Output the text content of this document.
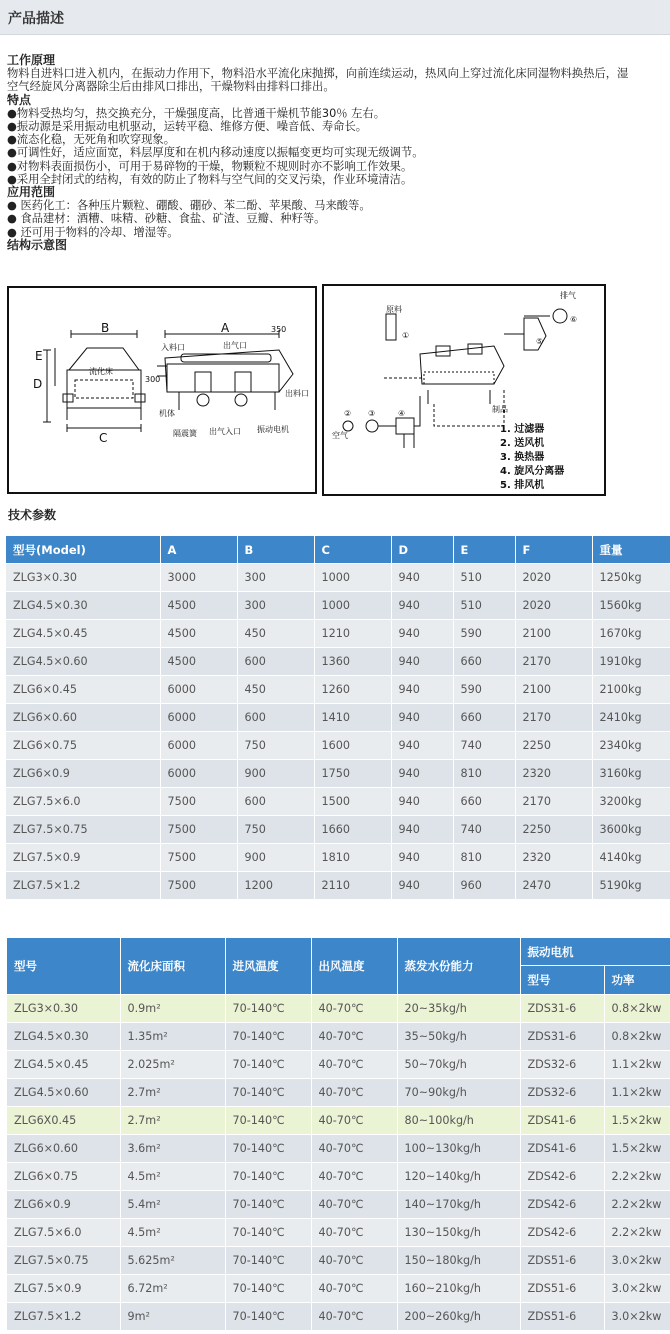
产品描述
工作原理
物料自进料口进入机内，在振动力作用下，物料沿水平流化床抛掷，向前连续运动，热风向上穿过流化床同湿物料换热后，湿
空气经旋风分离器除尘后由排风口排出，干燥物料由排料口排出。
特点
●物料受热均匀，热交换充分，干燥强度高，比普通干燥机节能30％ 左右。
●振动源是采用振动电机驱动，运转平稳、维修方便、噪音低、寿命长。
●流态化稳，无死角和吹穿现象。
●可调性好，适应面宽，料层厚度和在机内移动速度以振幅变更均可实现无级调节。
●对物料表面损伤小，可用于易碎物的干燥，物颗粒不规则时亦不影响工作效果。
●采用全封闭式的结构，有效的防止了物料与空气间的交叉污染，作业环境清洁。
应用范围
● 医药化工：各种压片颗粒、硼酸、硼砂、苯二酚、苹果酸、马来酸等。
● 食品建材：酒糟、味精、砂糖、食盐、矿渣、豆瓣、种籽等。
● 还可用于物料的冷却、增湿等。
结构示意图
B	A	350
D
E
C
流化床
入料口	出气口
300
出料口
机体
隔震簧 出气入口 振动电机
排气
⑥
⑤
原料
①
制品
② ③
空气
④
1. 过滤器
2. 送风机
3. 换热器
4. 旋风分离器
5. 排风机
技术参数
型号(Model)	A	B	C	D	E	F	重量
ZLG3×0.30	3000	300	1000	940	510	2020	1250kg
ZLG4.5×0.30	4500	300	1000	940	510	2020	1560kg
ZLG4.5×0.45	4500	450	1210	940	590	2100	1670kg
ZLG4.5×0.60	4500	600	1360	940	660	2170	1910kg
ZLG6×0.45	6000	450	1260	940	590	2100	2100kg
ZLG6×0.60	6000	600	1410	940	660	2170	2410kg
ZLG6×0.75	6000	750	1600	940	740	2250	2340kg
ZLG6×0.9	6000	900	1750	940	810	2320	3160kg
ZLG7.5×6.0	7500	600	1500	940	660	2170	3200kg
ZLG7.5×0.75	7500	750	1660	940	740	2250	3600kg
ZLG7.5×0.9	7500	900	1810	940	810	2320	4140kg
ZLG7.5×1.2	7500	1200	2110	940	960	2470	5190kg
型号	流化床面积	进风温度	出风温度	蒸发水份能力	振动电机	
					型号	功率
ZLG3×0.30	0.9m²	70-140℃	40-70℃	20~35kg/h	ZDS31-6	0.8×2kw
ZLG4.5×0.30	1.35m²	70-140℃	40-70℃	35~50kg/h	ZDS31-6	0.8×2kw
ZLG4.5×0.45	2.025m²	70-140℃	40-70℃	50~70kg/h	ZDS32-6	1.1×2kw
ZLG4.5×0.60	2.7m²	70-140℃	40-70℃	70~90kg/h	ZDS32-6	1.1×2kw
ZLG6X0.45	2.7m²	70-140℃	40-70℃	80~100kg/h	ZDS41-6	1.5×2kw
ZLG6×0.60	3.6m²	70-140℃	40-70℃	100~130kg/h	ZDS41-6	1.5×2kw
ZLG6×0.75	4.5m²	70-140℃	40-70℃	120~140kg/h	ZDS42-6	2.2×2kw
ZLG6×0.9	5.4m²	70-140℃	40-70℃	140~170kg/h	ZDS42-6	2.2×2kw
ZLG7.5×6.0	4.5m²	70-140℃	40-70℃	130~150kg/h	ZDS42-6	2.2×2kw
ZLG7.5×0.75	5.625m²	70-140℃	40-70℃	150~180kg/h	ZDS51-6	3.0×2kw
ZLG7.5×0.9	6.72m²	70-140℃	40-70℃	160~210kg/h	ZDS51-6	3.0×2kw
ZLG7.5×1.2	9m²	70-140℃	40-70℃	200~260kg/h	ZDS51-6	3.0×2kw
